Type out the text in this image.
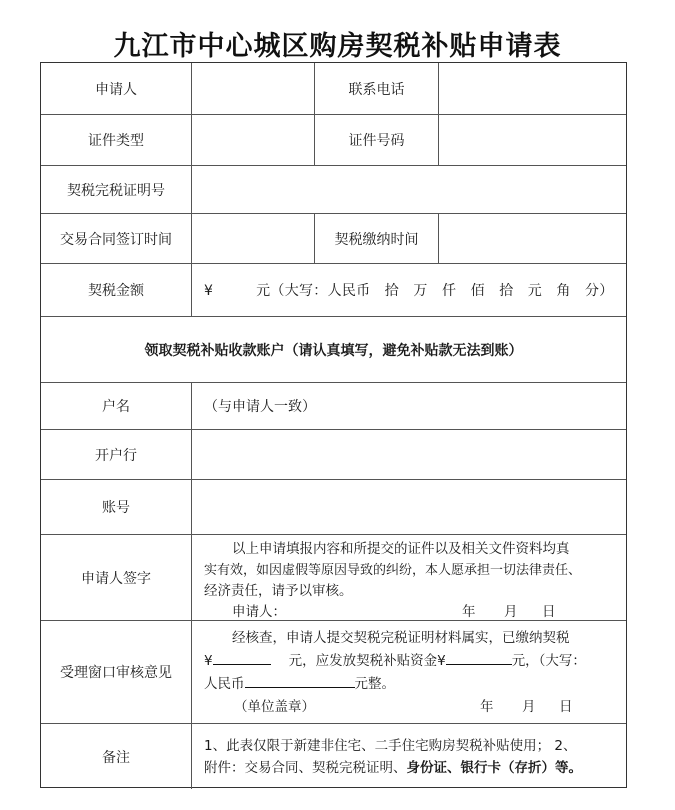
九江市中心城区购房契税补贴申请表
申请人	联系电话
证件类型	证件号码
契税完税证明号
交易合同签订时间	契税缴纳时间
契税金额	¥　　　元（大写：人民币　拾　万　仟　佰　拾　元　角　分）
领取契税补贴收款账户（请认真填写，避免补贴款无法到账）
户名	（与申请人一致）
开户行
账号
申请人签字
以上申请填报内容和所提交的证件以及相关文件资料均真
实有效，如因虚假等原因导致的纠纷，本人愿承担一切法律责任、
经济责任，请予以审核。
申请人：	年 月 日
受理窗口审核意见
经核查，申请人提交契税完税证明材料属实，已缴纳契税
¥	元，应发放契税补贴资金¥	元，（大写：
人民币	元整。
（单位盖章）	年 月 日
备注
1、此表仅限于新建非住宅、二手住宅购房契税补贴使用； 2、
附件：交易合同、契税完税证明、身份证、银行卡（存折）等。
